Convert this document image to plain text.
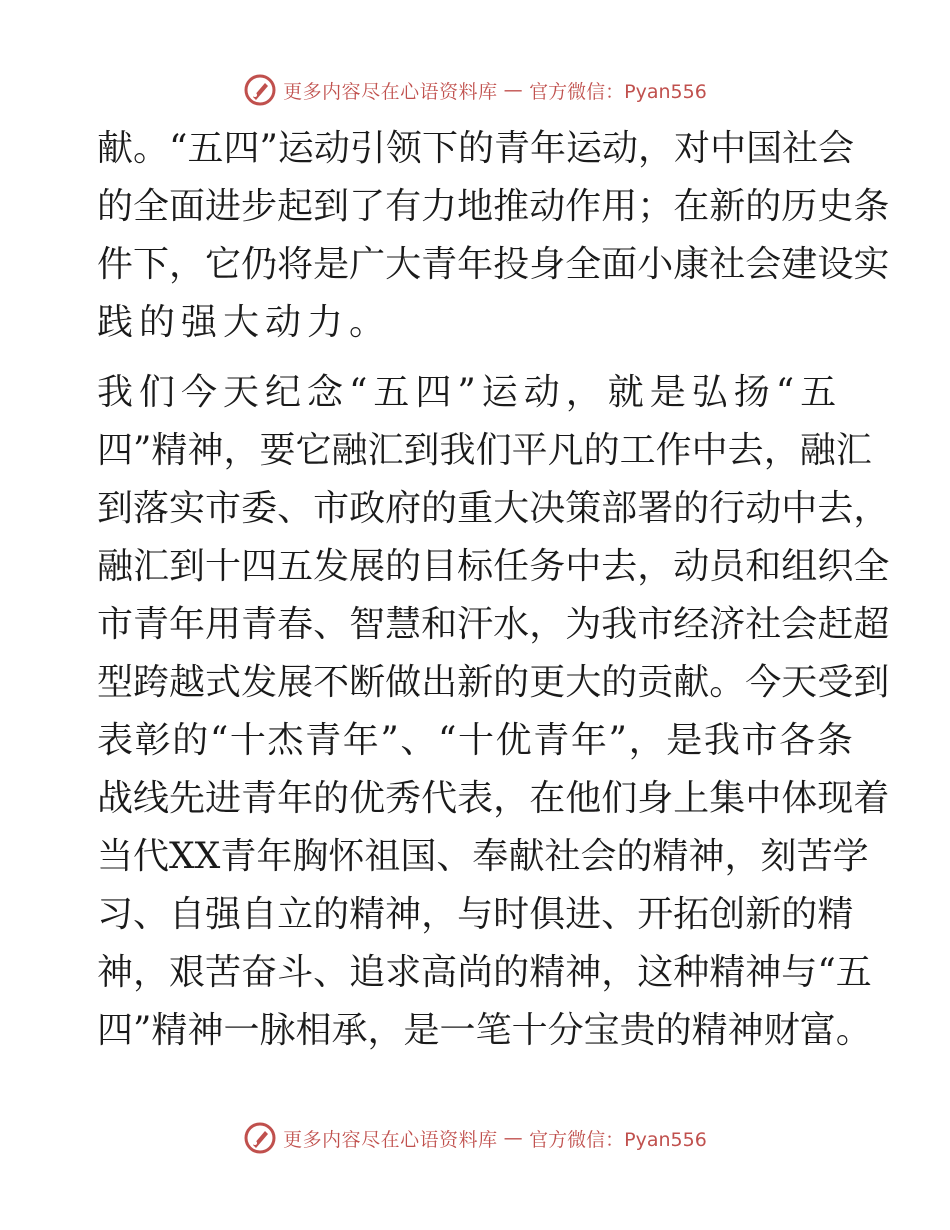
更多内容尽在心语资料库 — 官方微信：Pyan556
献 。 “ 五 四 ” 运 动 引 领 下 的 青 年 运 动 ， 对 中 国 社 会
的 全 面 进 步 起 到 了 有 力 地 推 动 作 用 ； 在 新 的 历 史 条
件 下 ， 它 仍 将 是 广 大 青 年 投 身 全 面 小 康 社 会 建 设 实
践的强大动力。
我们今天纪念“五四”运动，就是弘扬“五
四 ” 精 神 ， 要 它 融 汇 到 我 们 平 凡 的 工 作 中 去 ， 融 汇
到 落 实 市 委 、 市 政 府 的 重 大 决 策 部 署 的 行 动 中 去 ，
融 汇 到 十 四 五 发 展 的 目 标 任 务 中 去 ， 动 员 和 组 织 全
市 青 年 用 青 春 、 智 慧 和 汗 水 ， 为 我 市 经 济 社 会 赶 超
型 跨 越 式 发 展 不 断 做 出 新 的 更 大 的 贡 献 。 今 天 受 到
表 彰 的 “ 十 杰 青 年 ” 、 “ 十 优 青 年 ” ， 是 我 市 各 条
战 线 先 进 青 年 的 优 秀 代 表 ， 在 他 们 身 上 集 中 体 现 着
当 代 X X 青 年 胸 怀 祖 国 、 奉 献 社 会 的 精 神 ， 刻 苦 学
习 、 自 强 自 立 的 精 神 ， 与 时 俱 进 、 开 拓 创 新 的 精
神 ， 艰 苦 奋 斗 、 追 求 高 尚 的 精 神 ， 这 种 精 神 与 “ 五
四 ” 精 神 一 脉 相 承 ， 是 一 笔 十 分 宝 贵 的 精 神 财 富 。
更多内容尽在心语资料库 — 官方微信：Pyan556
